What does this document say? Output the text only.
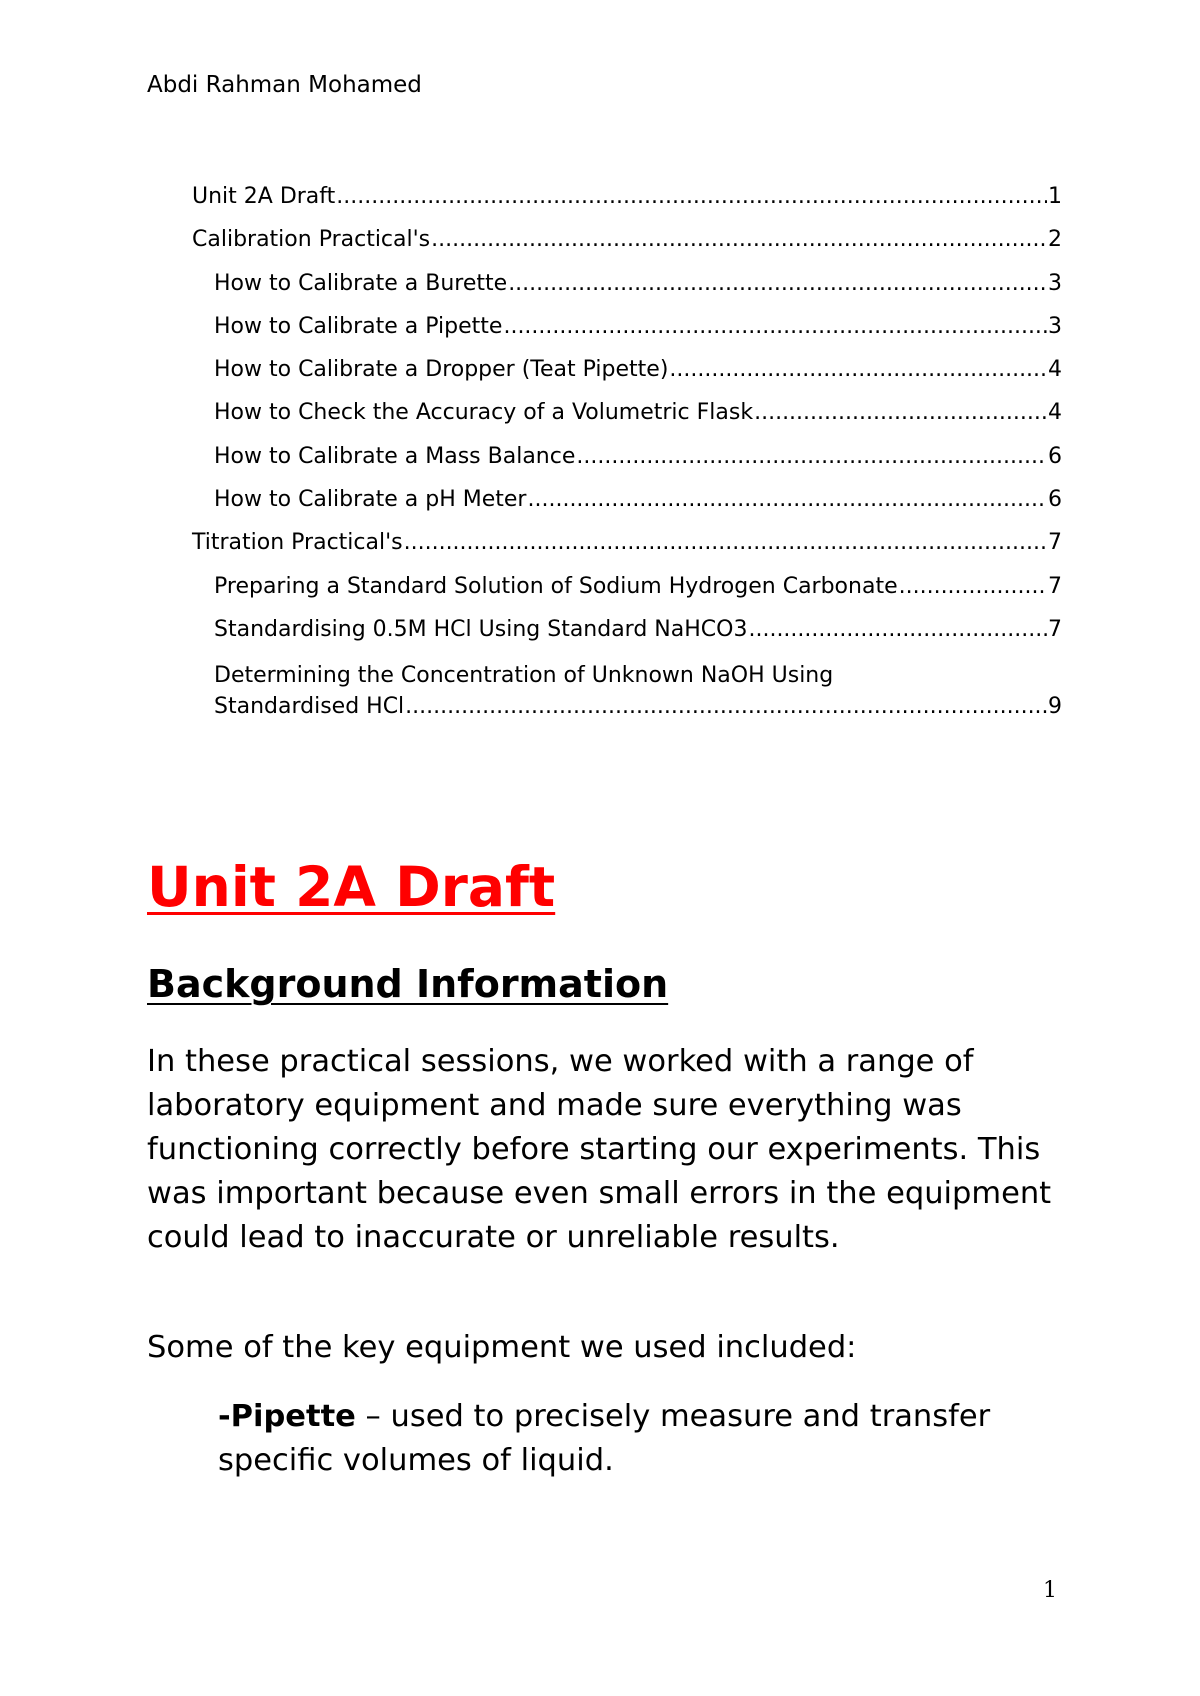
Abdi Rahman Mohamed
Unit 2A Draft .....	1
Calibration Practical's .....	2
How to Calibrate a Burette .....	3
How to Calibrate a Pipette .....	3
How to Calibrate a Dropper (Teat Pipette) .....	4
How to Check the Accuracy of a Volumetric Flask .....	4
How to Calibrate a Mass Balance .....	6
How to Calibrate a pH Meter .....	6
Titration Practical's .....	7
Preparing a Standard Solution of Sodium Hydrogen Carbonate .....	7
Standardising 0.5M HCl Using Standard NaHCO3 .....	7
Determining the Concentration of Unknown NaOH Using
Standardised HCl .....	9
Unit 2A Draft
Background Information

In these practical sessions, we worked with a range of laboratory equipment and made sure everything was functioning correctly before starting our experiments. This was important because even small errors in the equipment could lead to inaccurate or unreliable results.

Some of the key equipment we used included:

-Pipette – used to precisely measure and transfer specific volumes of liquid.

1
